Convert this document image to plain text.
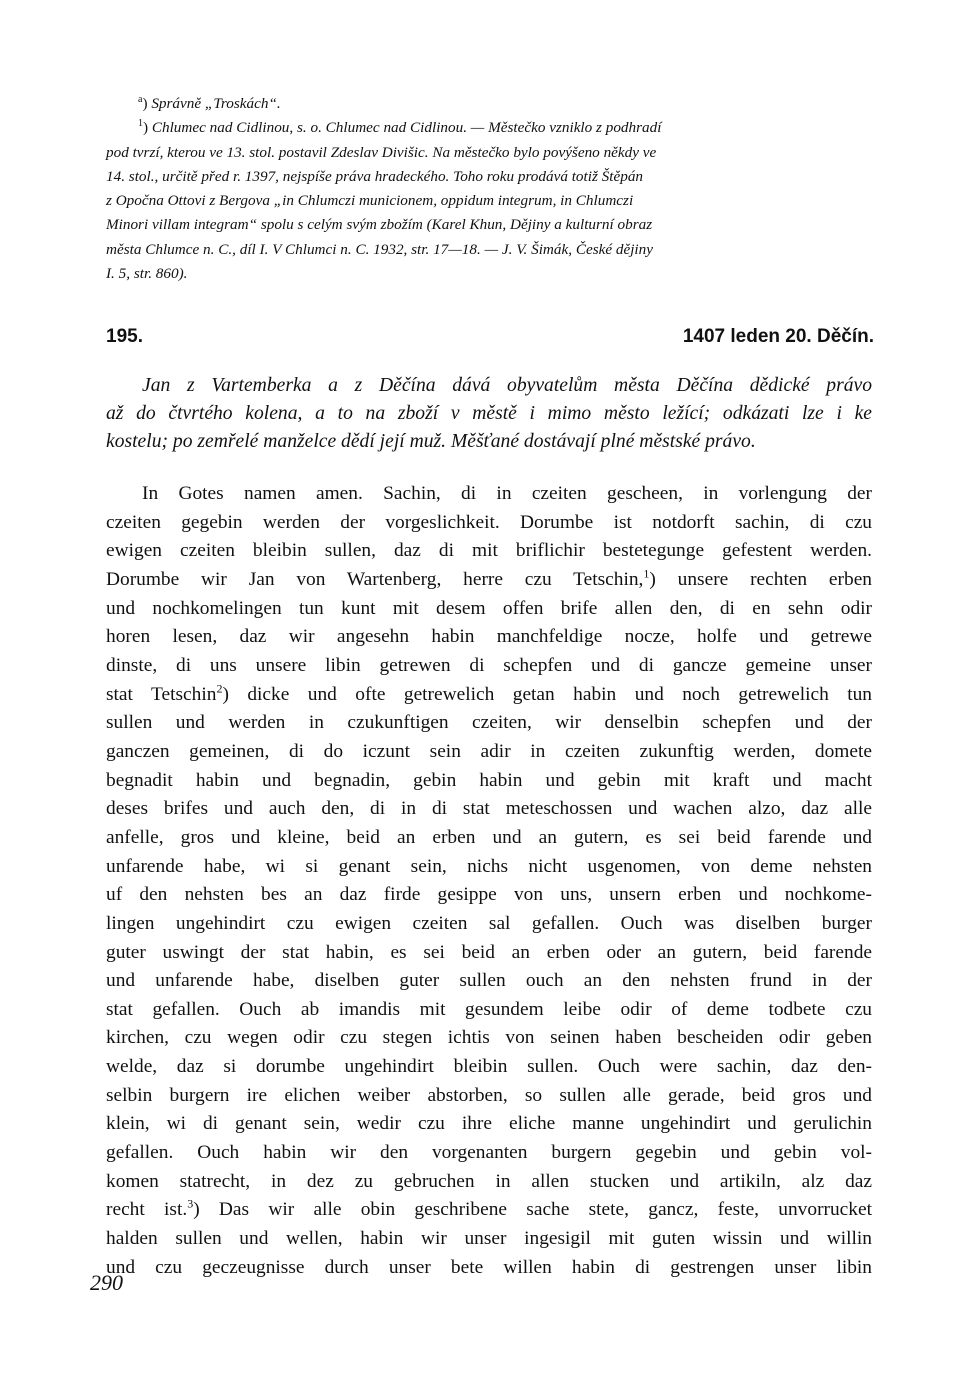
$^a$) Správně „Troskách“.

$^1$) Chlumec nad Cidlinou, s. o. Chlumec nad Cidlinou. — Městečko vzniklo z podhradí

pod tvrzí, kterou ve 13. stol. postavil Zdeslav Divišic. Na městečko bylo povýšeno někdy ve

14. stol., určitě před r. 1397, nejspíše práva hradeckého. Toho roku prodává totiž Štěpán

z Opočna Ottovi z Bergova „in Chlumczi municionem, oppidum integrum, in Chlumczi

Minori villam integram“ spolu s celým svým zbožím (Karel Khun, Dějiny a kulturní obraz

města Chlumce n. C., díl I. V Chlumci n. C. 1932, str. 17—18. — J. V. Šimák, České dějiny

I. 5, str. 860).

195.	1407 leden 20. Děčín.

Jan z Vartemberka a z Děčína dává obyvatelům města Děčína dědické právo

až do čtvrtého kolena, a to na zboží v městě i mimo město ležící; odkázati lze i ke

kostelu; po zemřelé manželce dědí její muž. Měšťané dostávají plné městské právo.

In Gotes namen amen. Sachin, di in czeiten gescheen, in vorlengung der

czeiten gegebin werden der vorgeslichkeit. Dorumbe ist notdorft sachin, di czu

ewigen czeiten bleibin sullen, daz di mit briflichir bestetegunge gefestent werden.

Dorumbe wir Jan von Wartenberg, herre czu Tetschin,$^1$) unsere rechten erben

und nochkomelingen tun kunt mit desem offen brife allen den, di en sehn odir

horen lesen, daz wir angesehn habin manchfeldige nocze, holfe und getrewe

dinste, di uns unsere libin getrewen di schepfen und di gancze gemeine unser

stat Tetschin$^2$) dicke und ofte getrewelich getan habin und noch getrewelich tun

sullen und werden in czukunftigen czeiten, wir denselbin schepfen und der

ganczen gemeinen, di do iczunt sein adir in czeiten zukunftig werden, domete

begnadit habin und begnadin, gebin habin und gebin mit kraft und macht

deses brifes und auch den, di in di stat meteschossen und wachen alzo, daz alle

anfelle, gros und kleine, beid an erben und an gutern, es sei beid farende und

unfarende habe, wi si genant sein, nichs nicht usgenomen, von deme nehsten

uf den nehsten bes an daz firde gesippe von uns, unsern erben und nochkome-

lingen ungehindirt czu ewigen czeiten sal gefallen. Ouch was diselben burger

guter uswingt der stat habin, es sei beid an erben oder an gutern, beid farende

und unfarende habe, diselben guter sullen ouch an den nehsten frund in der

stat gefallen. Ouch ab imandis mit gesundem leibe odir of deme todbete czu

kirchen, czu wegen odir czu stegen ichtis von seinen haben bescheiden odir geben

welde, daz si dorumbe ungehindirt bleibin sullen. Ouch were sachin, daz den-

selbin burgern ire elichen weiber abstorben, so sullen alle gerade, beid gros und

klein, wi di genant sein, wedir czu ihre eliche manne ungehindirt und gerulichin

gefallen. Ouch habin wir den vorgenanten burgern gegebin und gebin vol-

komen statrecht, in dez zu gebruchen in allen stucken und artikiln, alz daz

recht ist.$^3$) Das wir alle obin geschribene sache stete, gancz, feste, unvorrucket

halden sullen und wellen, habin wir unser ingesigil mit guten wissin und willin

und czu geczeugnisse durch unser bete willen habin di gestrengen unser libin

290
